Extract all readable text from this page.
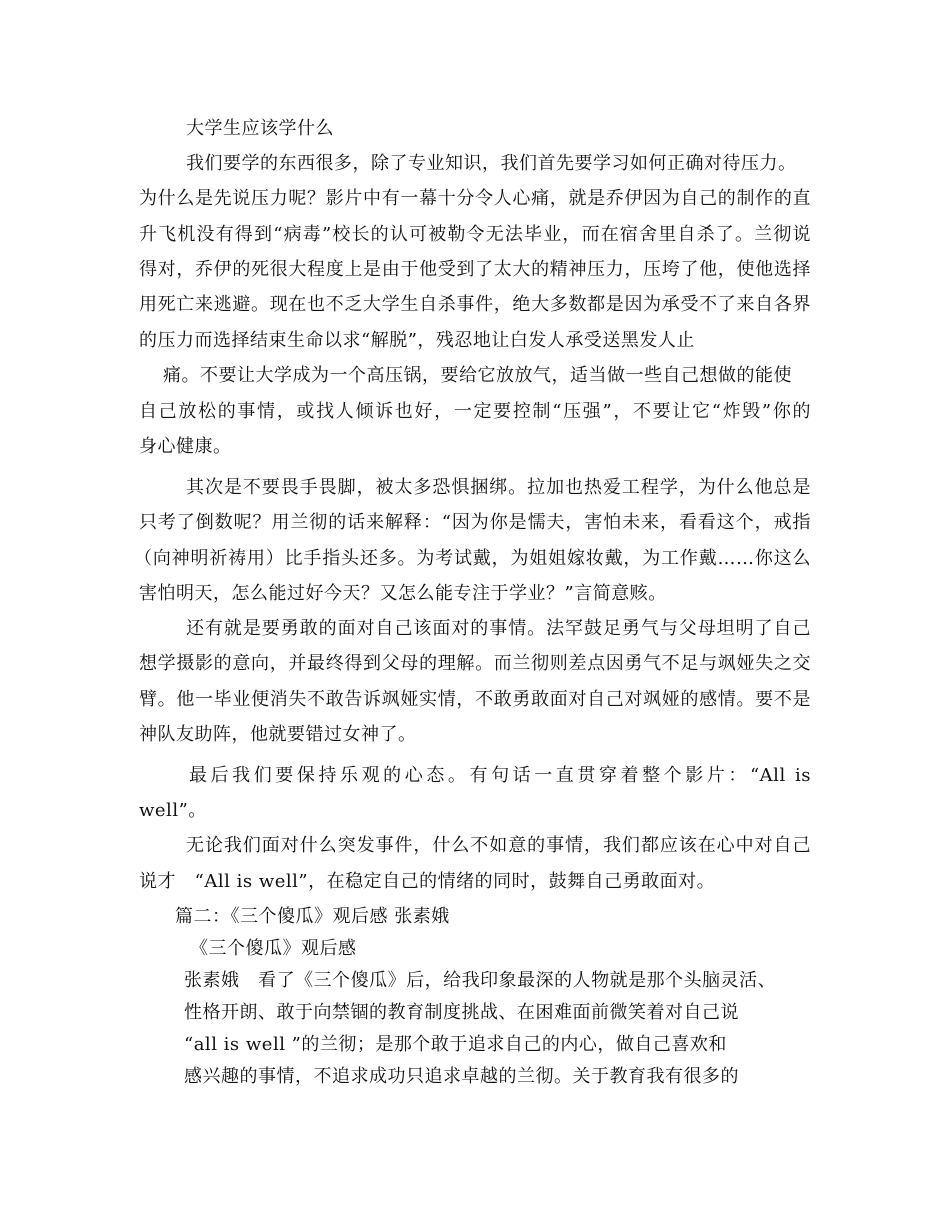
大学生应该学什么
我们要学的东西很多，除了专业知识，我们首先要学习如何正确对待压力。
为什么是先说压力呢？影片中有一幕十分令人心痛，就是乔伊因为自己的制作的直
升飞机没有得到“病毒”校长的认可被勒令无法毕业，而在宿舍里自杀了。兰彻说
得对，乔伊的死很大程度上是由于他受到了太大的精神压力，压垮了他，使他选择
用死亡来逃避。现在也不乏大学生自杀事件，绝大多数都是因为承受不了来自各界
的压力而选择结束生命以求“解脱”，残忍地让白发人承受送黑发人止
痛。不要让大学成为一个高压锅，要给它放放气，适当做一些自己想做的能使
自己放松的事情，或找人倾诉也好，一定要控制“压强”，不要让它“炸毁”你的
身心健康。
其次是不要畏手畏脚，被太多恐惧捆绑。拉加也热爱工程学，为什么他总是
只考了倒数呢？用兰彻的话来解释：“因为你是懦夫，害怕未来，看看这个，戒指
（向神明祈祷用）比手指头还多。为考试戴，为姐姐嫁妆戴，为工作戴……你这么
害怕明天，怎么能过好今天？又怎么能专注于学业？”言简意赅。
还有就是要勇敢的面对自己该面对的事情。法罕鼓足勇气与父母坦明了自己
想学摄影的意向，并最终得到父母的理解。而兰彻则差点因勇气不足与飒娅失之交
臂。他一毕业便消失不敢告诉飒娅实情，不敢勇敢面对自己对飒娅的感情。要不是
神队友助阵，他就要错过女神了。
最后我们要保持乐观的心态。有句话一直贯穿着整个影片：“All is
well”。
无论我们面对什么突发事件，什么不如意的事情，我们都应该在心中对自己
说才   “All is well”，在稳定自己的情绪的同时，鼓舞自己勇敢面对。
篇二：《三个傻瓜》观后感 张素娥
《三个傻瓜》观后感
张素娥   看了《三个傻瓜》后，给我印象最深的人物就是那个头脑灵活、
性格开朗、敢于向禁锢的教育制度挑战、在困难面前微笑着对自己说
“all is well ”的兰彻；是那个敢于追求自己的内心，做自己喜欢和
感兴趣的事情，不追求成功只追求卓越的兰彻。关于教育我有很多的
